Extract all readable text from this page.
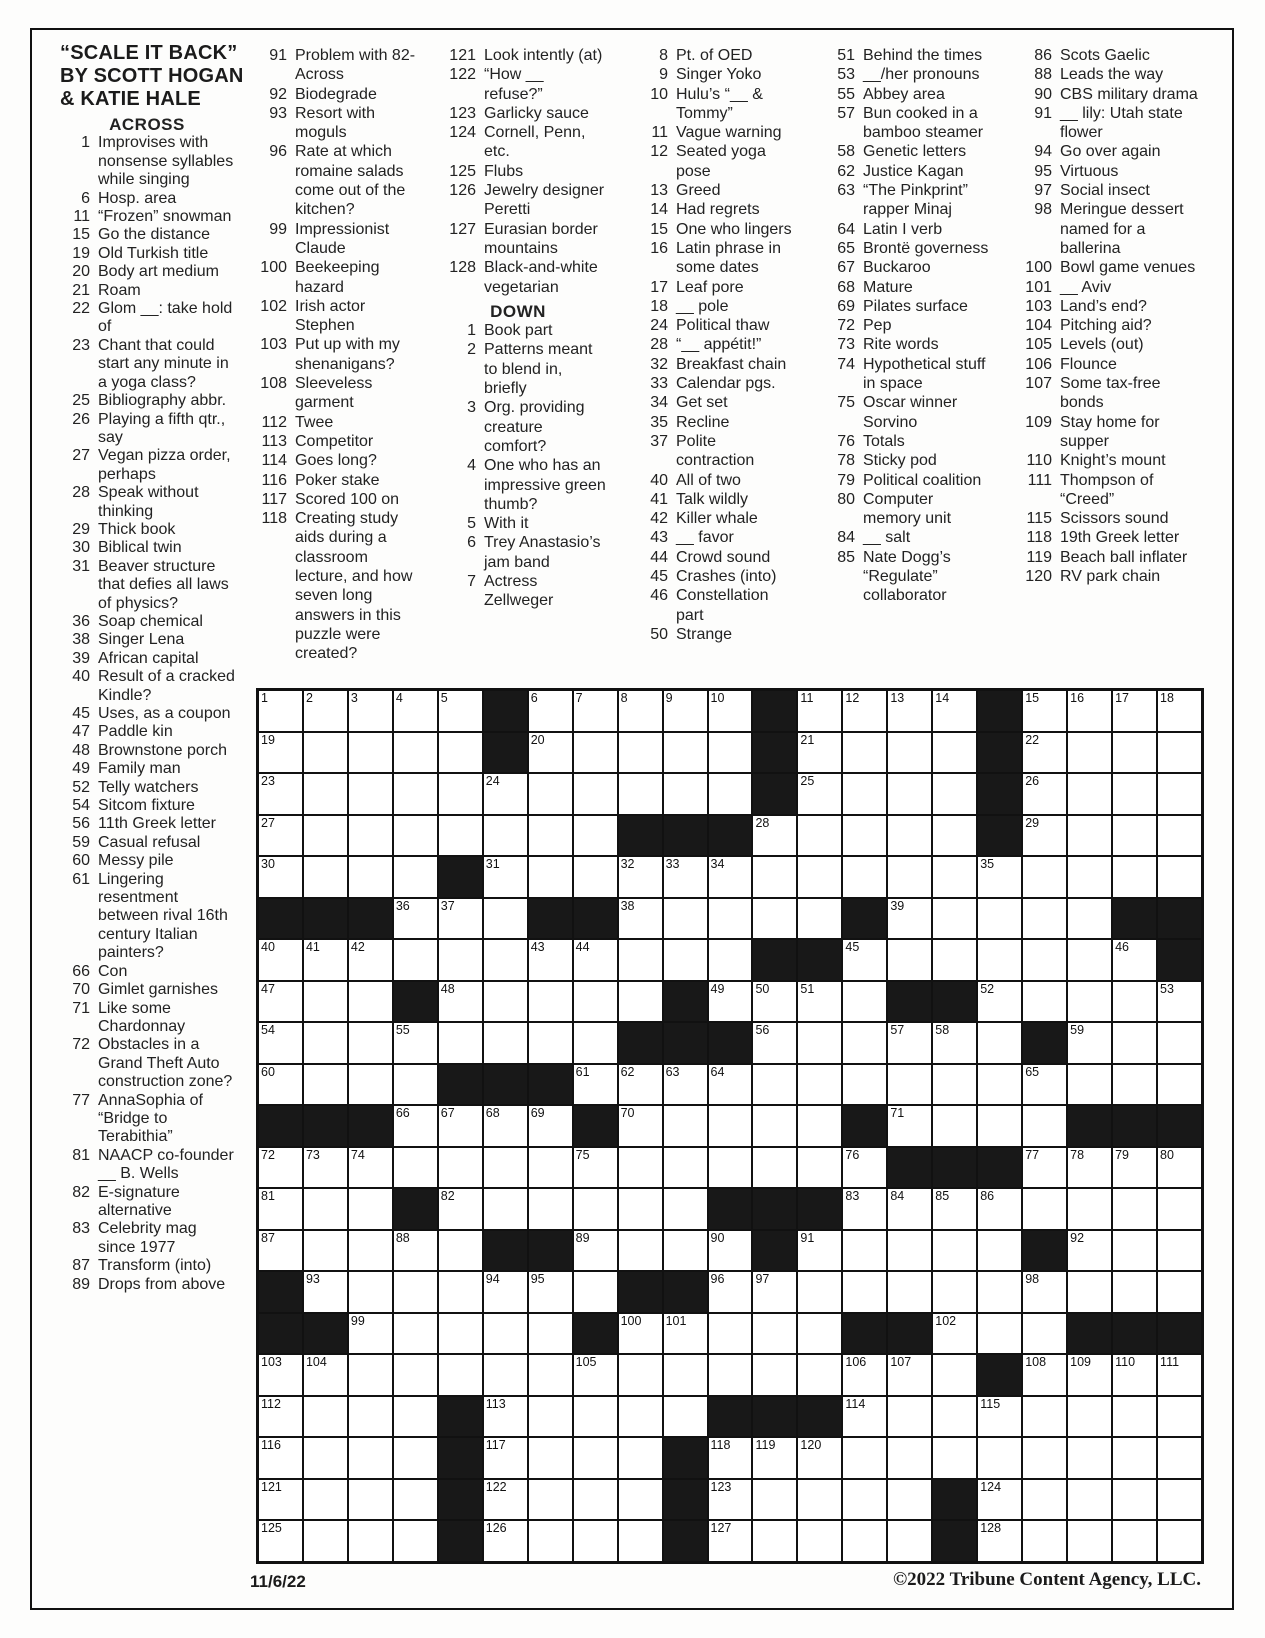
“SCALE IT BACK” BY SCOTT HOGAN & KATIE HALE
ACROSS
1 Improvises with nonsense syllables while singing
6 Hosp. area
11 “Frozen” snowman
15 Go the distance
19 Old Turkish title
20 Body art medium
21 Roam
22 Glom __: take hold of
23 Chant that could start any minute in a yoga class?
25 Bibliography abbr.
26 Playing a fifth qtr., say
27 Vegan pizza order, perhaps
28 Speak without thinking
29 Thick book
30 Biblical twin
31 Beaver structure that defies all laws of physics?
36 Soap chemical
38 Singer Lena
39 African capital
40 Result of a cracked Kindle?
45 Uses, as a coupon
47 Paddle kin
48 Brownstone porch
49 Family man
52 Telly watchers
54 Sitcom fixture
56 11th Greek letter
59 Casual refusal
60 Messy pile
61 Lingering resentment between rival 16th century Italian painters?
66 Con
70 Gimlet garnishes
71 Like some Chardonnay
72 Obstacles in a Grand Theft Auto construction zone?
77 AnnaSophia of “Bridge to Terabithia”
81 NAACP co-founder __ B. Wells
82 E-signature alternative
83 Celebrity mag since 1977
87 Transform (into)
89 Drops from above
91 Problem with 82-Across
92 Biodegrade
93 Resort with moguls
96 Rate at which romaine salads come out of the kitchen?
99 Impressionist Claude
100 Beekeeping hazard
102 Irish actor Stephen
103 Put up with my shenanigans?
108 Sleeveless garment
112 Twee
113 Competitor
114 Goes long?
116 Poker stake
117 Scored 100 on
118 Creating study aids during a classroom lecture, and how seven long answers in this puzzle were created?
121 Look intently (at)
122 “How __ refuse?”
123 Garlicky sauce
124 Cornell, Penn, etc.
125 Flubs
126 Jewelry designer Peretti
127 Eurasian border mountains
128 Black-and-white vegetarian
DOWN
1 Book part
2 Patterns meant to blend in, briefly
3 Org. providing creature comfort?
4 One who has an impressive green thumb?
5 With it
6 Trey Anastasio’s jam band
7 Actress Zellweger
8 Pt. of OED
9 Singer Yoko
10 Hulu’s “__ & Tommy”
11 Vague warning
12 Seated yoga pose
13 Greed
14 Had regrets
15 One who lingers
16 Latin phrase in some dates
17 Leaf pore
18 __ pole
24 Political thaw
28 “__ appétit!”
32 Breakfast chain
33 Calendar pgs.
34 Get set
35 Recline
37 Polite contraction
40 All of two
41 Talk wildly
42 Killer whale
43 __ favor
44 Crowd sound
45 Crashes (into)
46 Constellation part
50 Strange
51 Behind the times
53 __/her pronouns
55 Abbey area
57 Bun cooked in a bamboo steamer
58 Genetic letters
62 Justice Kagan
63 “The Pinkprint” rapper Minaj
64 Latin I verb
65 Brontë governess
67 Buckaroo
68 Mature
69 Pilates surface
72 Pep
73 Rite words
74 Hypothetical stuff in space
75 Oscar winner Sorvino
76 Totals
78 Sticky pod
79 Political coalition
80 Computer memory unit
84 __ salt
85 Nate Dogg’s “Regulate” collaborator
86 Scots Gaelic
88 Leads the way
90 CBS military drama
91 __ lily: Utah state flower
94 Go over again
95 Virtuous
97 Social insect
98 Meringue dessert named for a ballerina
100 Bowl game venues
101 __ Aviv
103 Land’s end?
104 Pitching aid?
105 Levels (out)
106 Flounce
107 Some tax-free bonds
109 Stay home for supper
110 Knight’s mount
111 Thompson of “Creed”
115 Scissors sound
118 19th Greek letter
119 Beach ball inflater
120 RV park chain
1	2	3	4	5	6	7	8	9	10	11	12 13 14	15 16 17 18
19	20	21	22
23	24	25	26
27	28	29
30	31	32 33 34	35
36 37	38	39
40 41 42	43 44	45	46
47	48	49 50 51	52	53
54	55	56	57 58	59
60	61 62 63 64	65
66 67 68 69	70	71
72 73 74	75	76	77 78 79 80
81	82	83 84 85 86
87	88	89	90	91	92
93	94 95	96 97	98
99	100 101	102
103 104	105	106 107	108 109 110 111
112	113	114	115
116	117	118 119 120
121	122	123	124
125	126	127	128
11/6/22	©2022 Tribune Content Agency, LLC.
